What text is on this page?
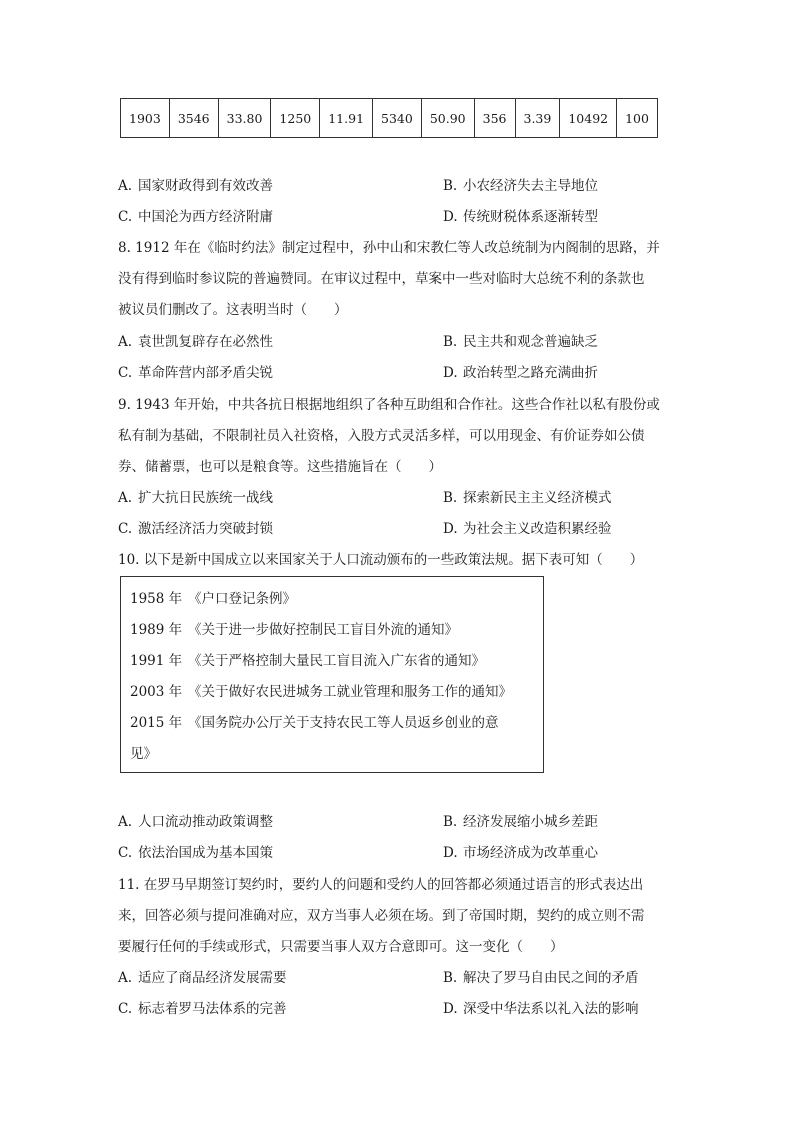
1903	3546	33.80	1250	11.91	5340	50.90	356	3.39	10492	100
A. 国家财政得到有效改善	B. 小农经济失去主导地位
C. 中国沦为西方经济附庸	D. 传统财税体系逐渐转型
8. 1912 年在《临时约法》制定过程中，孙中山和宋教仁等人改总统制为内阁制的思路，并
没有得到临时参议院的普遍赞同。在审议过程中，草案中一些对临时大总统不利的条款也
被议员们删改了。这表明当时（　　）
A. 袁世凯复辟存在必然性	B. 民主共和观念普遍缺乏
C. 革命阵营内部矛盾尖锐	D. 政治转型之路充满曲折
9. 1943 年开始，中共各抗日根据地组织了各种互助组和合作社。这些合作社以私有股份或
私有制为基础，不限制社员入社资格，入股方式灵活多样，可以用现金、有价证券如公债
券、储蓄票，也可以是粮食等。这些措施旨在（　　）
A. 扩大抗日民族统一战线	B. 探索新民主主义经济模式
C. 激活经济活力突破封锁	D. 为社会主义改造积累经验
10. 以下是新中国成立以来国家关于人口流动颁布的一些政策法规。据下表可知（　　）
1958 年 《户口登记条例》
1989 年 《关于进一步做好控制民工盲目外流的通知》
1991 年 《关于严格控制大量民工盲目流入广东省的通知》
2003 年 《关于做好农民进城务工就业管理和服务工作的通知》
2015 年 《国务院办公厅关于支持农民工等人员返乡创业的意
见》
A. 人口流动推动政策调整	B. 经济发展缩小城乡差距
C. 依法治国成为基本国策	D. 市场经济成为改革重心
11. 在罗马早期签订契约时，要约人的问题和受约人的回答都必须通过语言的形式表达出
来，回答必须与提问准确对应，双方当事人必须在场。到了帝国时期，契约的成立则不需
要履行任何的手续或形式，只需要当事人双方合意即可。这一变化（　　）
A. 适应了商品经济发展需要	B. 解决了罗马自由民之间的矛盾
C. 标志着罗马法体系的完善	D. 深受中华法系以礼入法的影响
